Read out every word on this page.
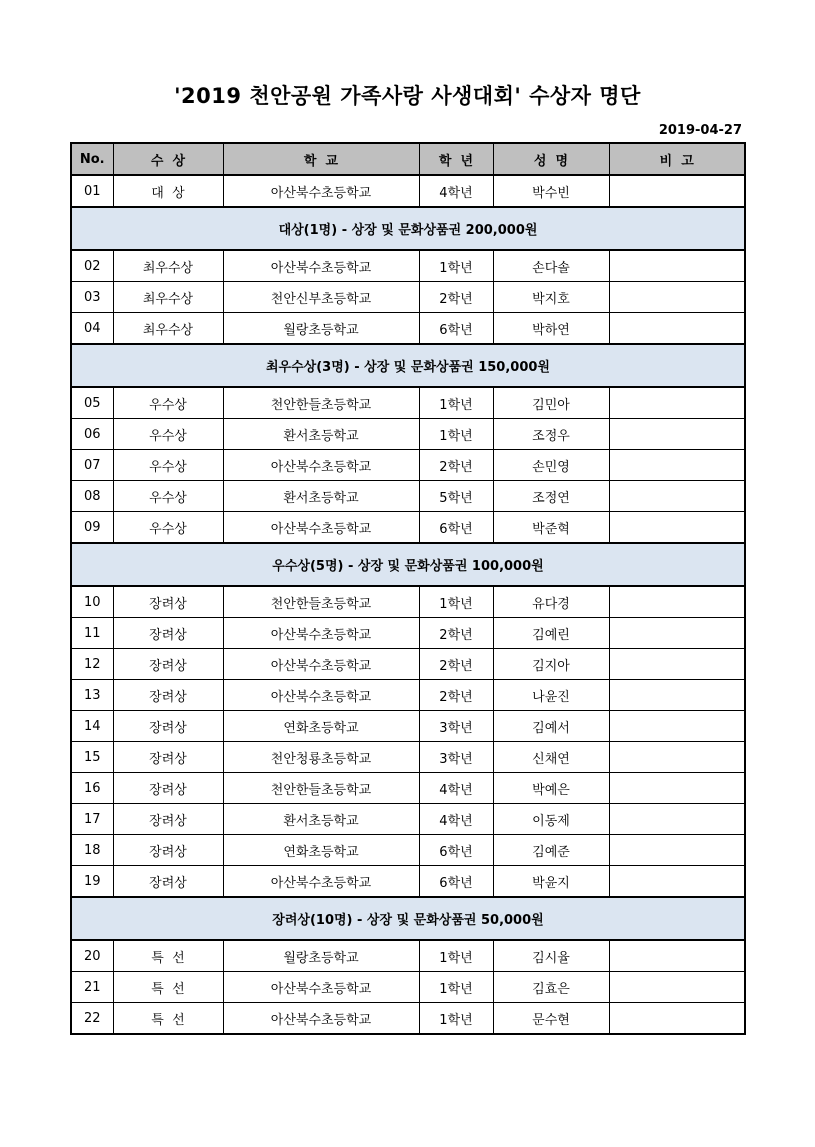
'2019 천안공원 가족사랑 사생대회' 수상자 명단
2019-04-27
No.	수  상	학  교	학  년	성  명	비  고
01	대  상	아산북수초등학교	4학년	박수빈	
대상(1명) - 상장 및 문화상품권 200,000원					
02	최우수상	아산북수초등학교	1학년	손다솔	
03	최우수상	천안신부초등학교	2학년	박지호	
04	최우수상	월랑초등학교	6학년	박하연	
최우수상(3명) - 상장 및 문화상품권 150,000원					
05	우수상	천안한들초등학교	1학년	김민아	
06	우수상	환서초등학교	1학년	조정우	
07	우수상	아산북수초등학교	2학년	손민영	
08	우수상	환서초등학교	5학년	조정연	
09	우수상	아산북수초등학교	6학년	박준혁	
우수상(5명) - 상장 및 문화상품권 100,000원					
10	장려상	천안한들초등학교	1학년	유다경	
11	장려상	아산북수초등학교	2학년	김예린	
12	장려상	아산북수초등학교	2학년	김지아	
13	장려상	아산북수초등학교	2학년	나윤진	
14	장려상	연화초등학교	3학년	김예서	
15	장려상	천안청룡초등학교	3학년	신채연	
16	장려상	천안한들초등학교	4학년	박예은	
17	장려상	환서초등학교	4학년	이동제	
18	장려상	연화초등학교	6학년	김예준	
19	장려상	아산북수초등학교	6학년	박윤지	
장려상(10명) - 상장 및 문화상품권 50,000원					
20	특  선	월랑초등학교	1학년	김시율	
21	특  선	아산북수초등학교	1학년	김효은	
22	특  선	아산북수초등학교	1학년	문수현	
